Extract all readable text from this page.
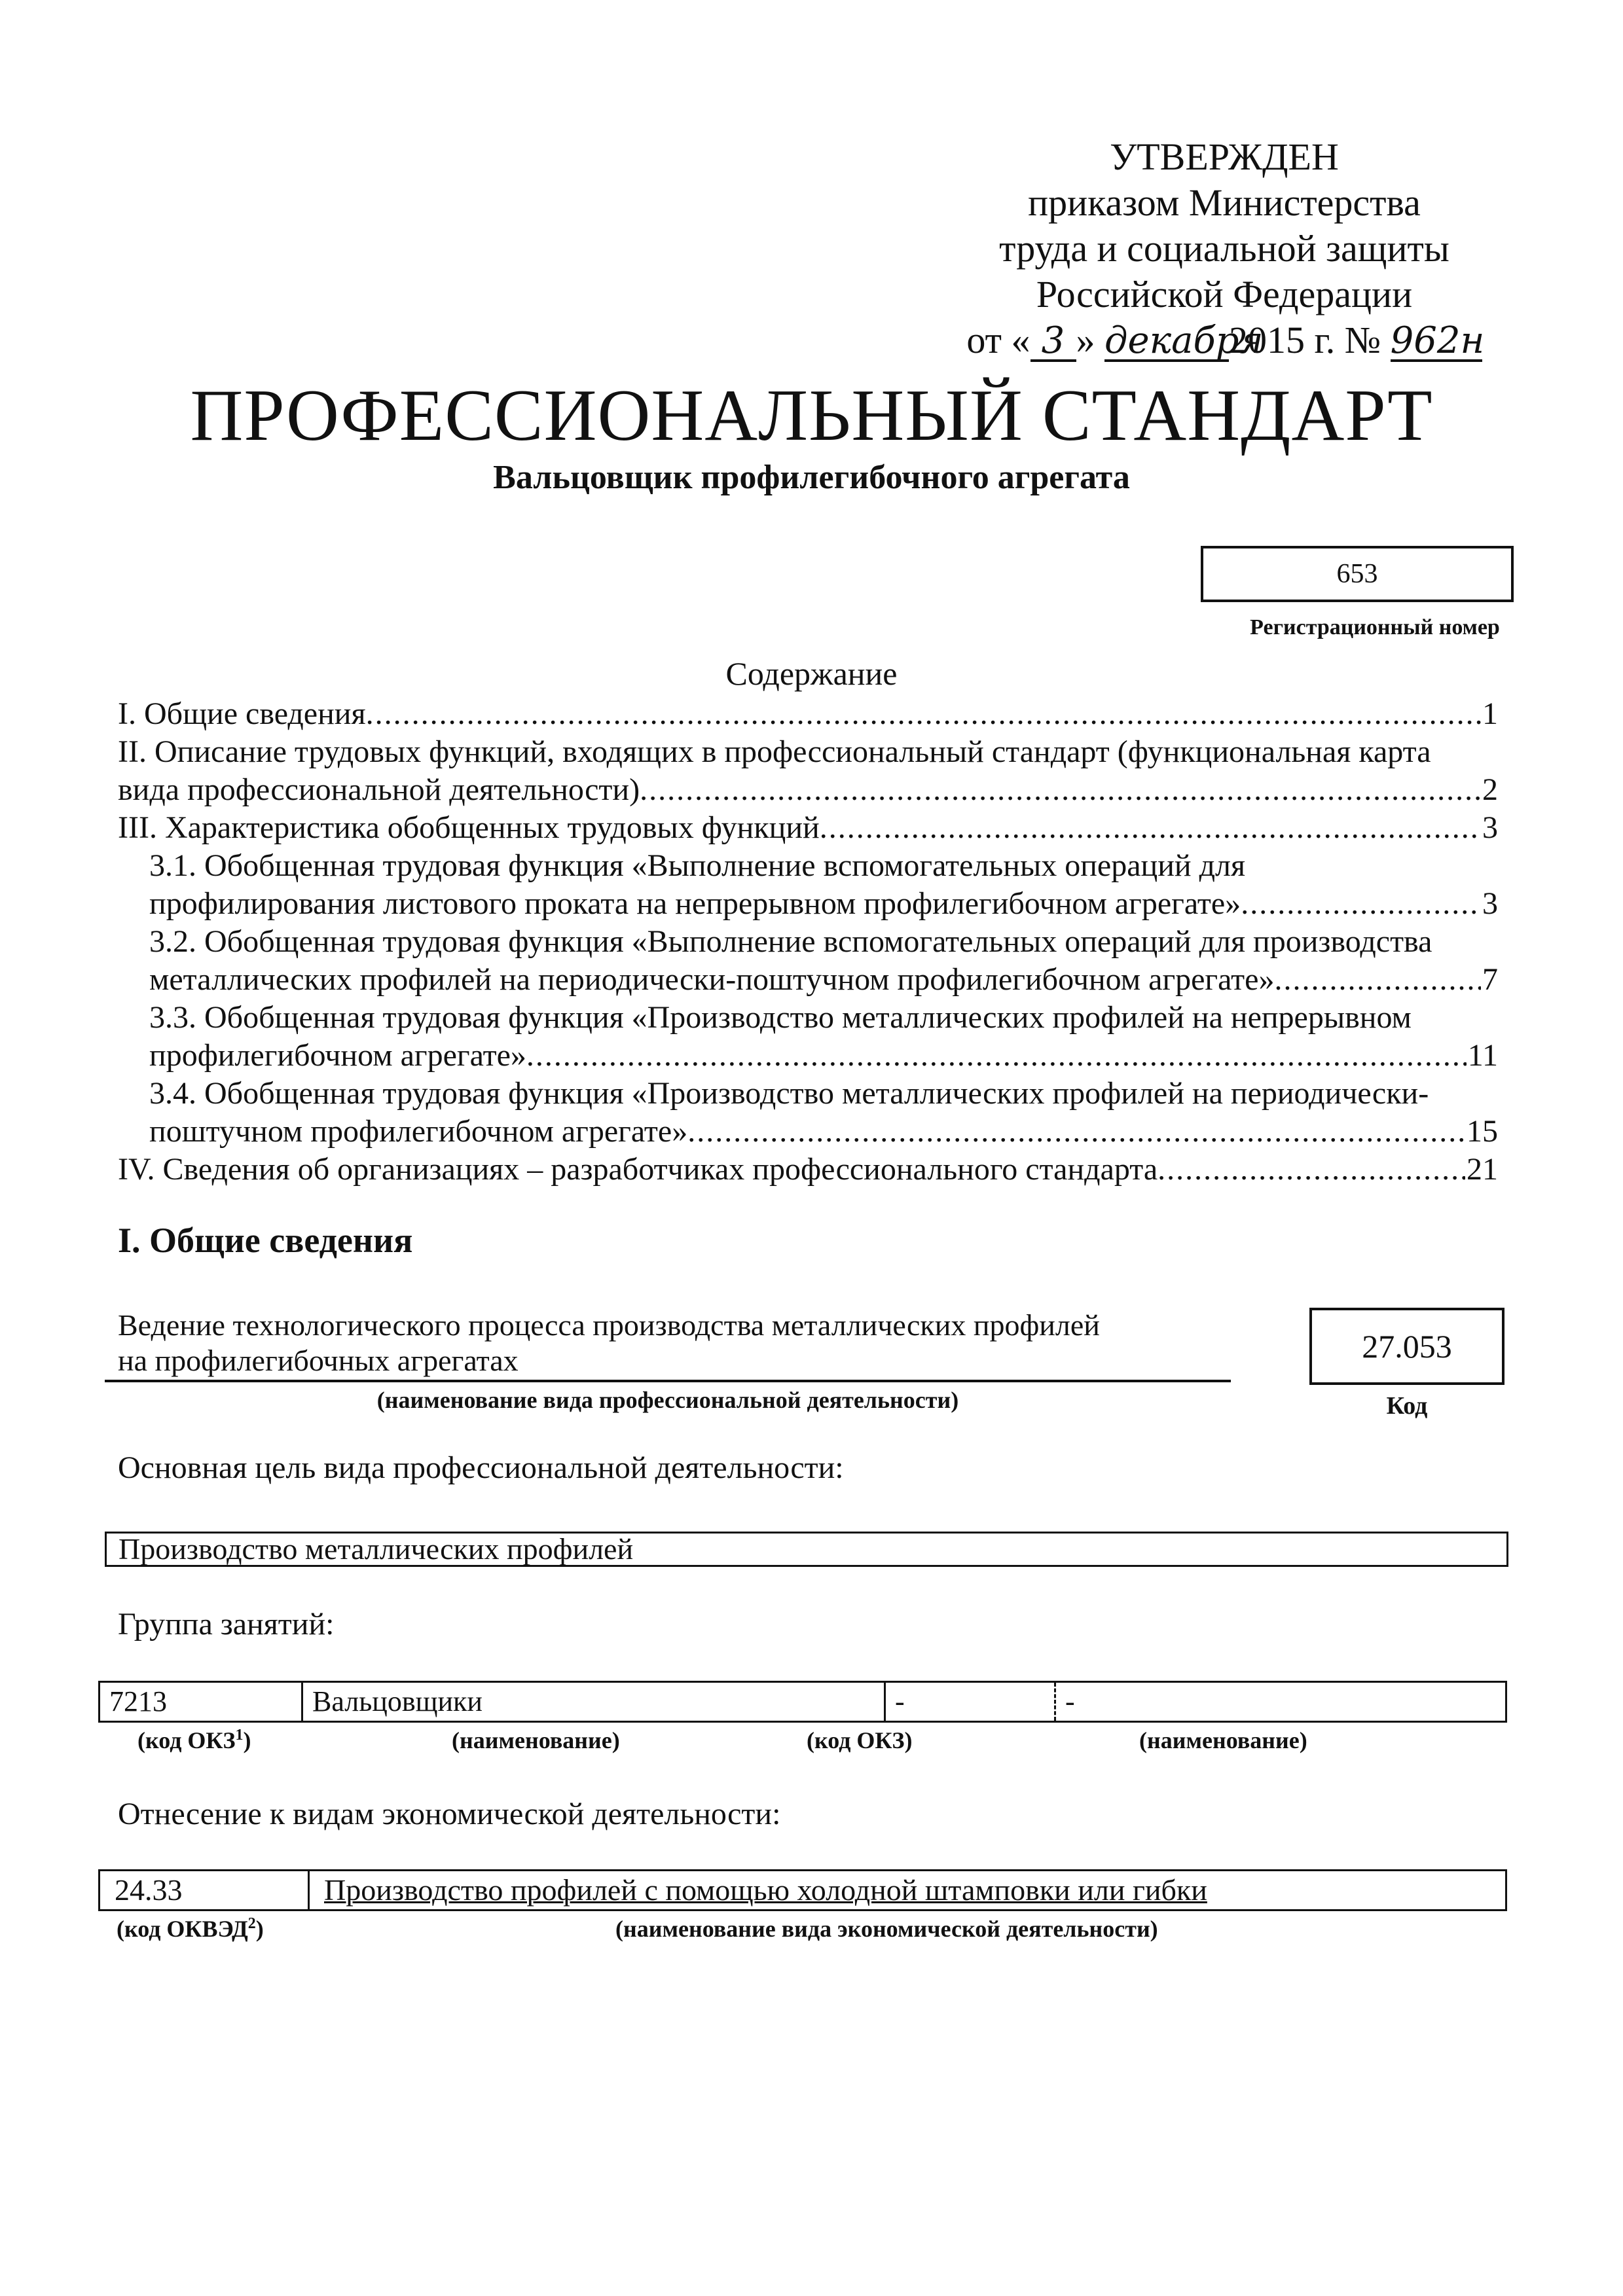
УТВЕРЖДЕН
приказом Министерства
труда и социальной защиты
Российской Федерации
от « 3 » декабря2015 г. № 962н
ПРОФЕССИОНАЛЬНЫЙ СТАНДАРТ
Вальцовщик профилегибочного агрегата
653
Регистрационный номер
Содержание
I. Общие сведения .....	1
II. Описание трудовых функций, входящих в профессиональный стандарт (функциональная карта
вида профессиональной деятельности) .....	2
III. Характеристика обобщенных трудовых функций .....	3
3.1. Обобщенная трудовая функция «Выполнение вспомогательных операций для
профилирования листового проката на непрерывном профилегибочном агрегате» .....	3
3.2. Обобщенная трудовая функция «Выполнение вспомогательных операций для производства
металлических профилей на периодически-поштучном профилегибочном агрегате» .....	7
3.3. Обобщенная трудовая функция «Производство металлических профилей на непрерывном
профилегибочном агрегате» .....	11
3.4. Обобщенная трудовая функция «Производство металлических профилей на периодически-
поштучном профилегибочном агрегате» .....	15
IV. Сведения об организациях – разработчиках профессионального стандарта .....	21
I. Общие сведения
Ведение технологического процесса производства металлических профилей
на профилегибочных агрегатах
(наименование вида профессиональной деятельности)
27.053
Код
Основная цель вида профессиональной деятельности:
Производство металлических профилей
Группа занятий:
7213	Вальцовщики	-	-
(код ОКЗ$^1$)	(наименование)	(код ОКЗ)	(наименование)
Отнесение к видам экономической деятельности:
24.33	Производство профилей с помощью холодной штамповки или гибки
(код ОКВЭД$^2$)	(наименование вида экономической деятельности)
